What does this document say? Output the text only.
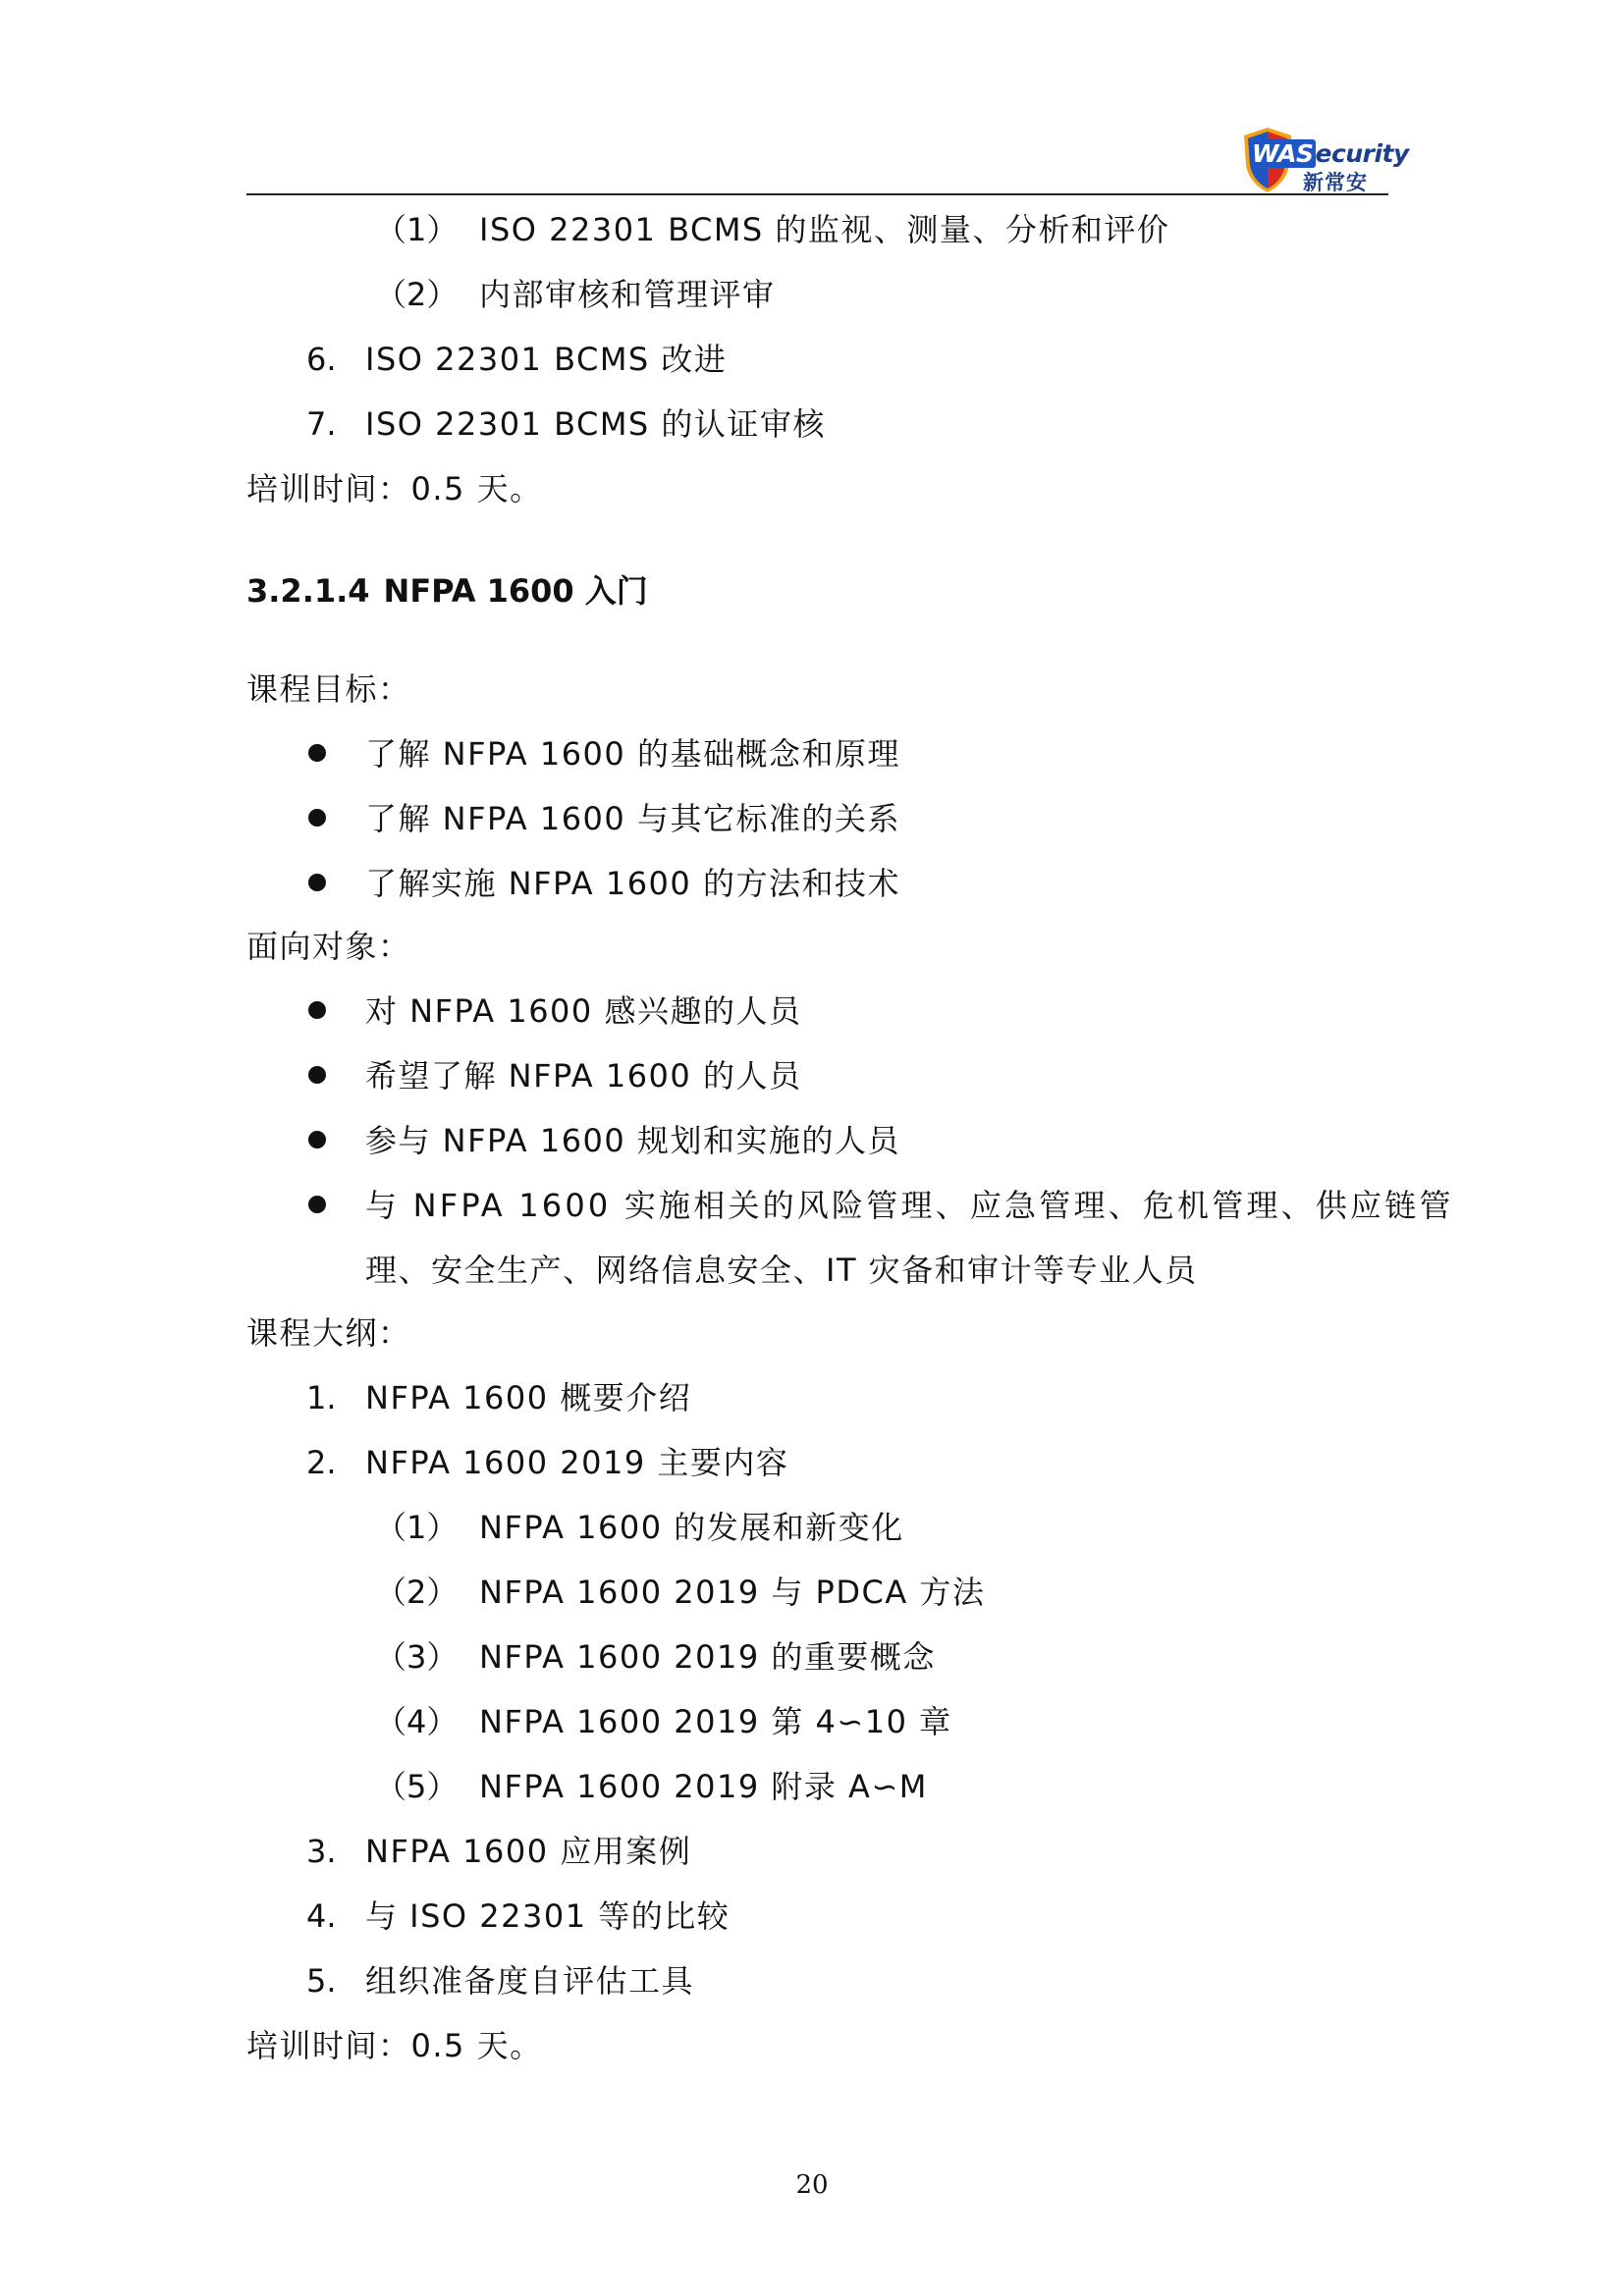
WASecurity
新常安
（1） ISO 22301 BCMS 的监视、测量、分析和评价
（2） 内部审核和管理评审
6. ISO 22301 BCMS 改进
7. ISO 22301 BCMS 的认证审核
培训时间：0.5 天。
3.2.1.4 NFPA 1600 入门
课程目标：
了解 NFPA 1600 的基础概念和原理
了解 NFPA 1600 与其它标准的关系
了解实施 NFPA 1600 的方法和技术
面向对象：
对 NFPA 1600 感兴趣的人员
希望了解 NFPA 1600 的人员
参与 NFPA 1600 规划和实施的人员
与 NFPA 1600 实施相关的风险管理、应急管理、危机管理、供应链管
理、安全生产、网络信息安全、IT 灾备和审计等专业人员
课程大纲：
1. NFPA 1600 概要介绍
2. NFPA 1600 2019 主要内容
（1） NFPA 1600 的发展和新变化
（2） NFPA 1600 2019 与 PDCA 方法
（3） NFPA 1600 2019 的重要概念
（4） NFPA 1600 2019 第 4∽10 章
（5） NFPA 1600 2019 附录 A∽M
3. NFPA 1600 应用案例
4. 与 ISO 22301 等的比较
5. 组织准备度自评估工具
培训时间：0.5 天。
20
